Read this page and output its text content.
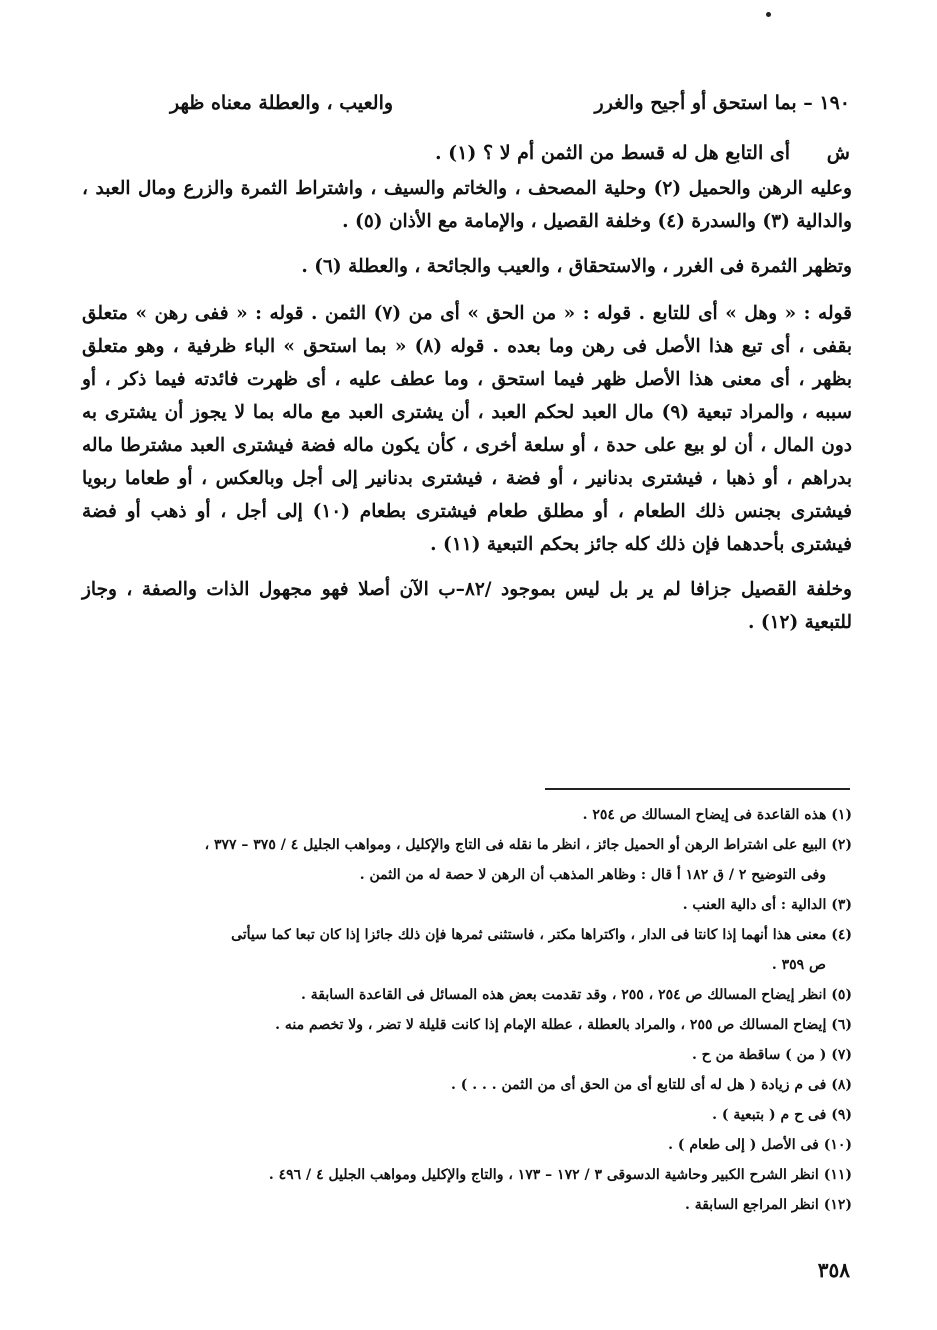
١٩٠ – بما استحق أو أجيح والغرر
والعيب ، والعطلة معناه ظهر
ش
أى التابع هل له قسط من الثمن أم لا ؟ (١) .

وعليه الرهن والحميل (٢) وحلية المصحف ، والخاتم والسيف ، واشتراط الثمرة والزرع ومال العبد ، والدالية (٣) والسدرة (٤) وخلفة القصيل ، والإمامة مع الأذان (٥) .

وتظهر الثمرة فى الغرر ، والاستحقاق ، والعيب والجائحة ، والعطلة (٦) .

قوله : « وهل » أى للتابع . قوله : « من الحق » أى من (٧) الثمن . قوله : « ففى رهن » متعلق بقفى ، أى تبع هذا الأصل فى رهن وما بعده . قوله (٨) « بما استحق » الباء ظرفية ، وهو متعلق بظهر ، أى معنى هذا الأصل ظهر فيما استحق ، وما عطف عليه ، أى ظهرت فائدته فيما ذكر ، أو سببه ، والمراد تبعية (٩) مال العبد لحكم العبد ، أن يشترى العبد مع ماله بما لا يجوز أن يشترى به دون المال ، أن لو بيع على حدة ، أو سلعة أخرى ، كأن يكون ماله فضة فيشترى العبد مشترطا ماله بدراهم ، أو ذهبا ، فيشترى بدنانير ، أو فضة ، فيشترى بدنانير إلى أجل وبالعكس ، أو طعاما ربويا فيشترى بجنس ذلك الطعام ، أو مطلق طعام فيشترى بطعام (١٠) إلى أجل ، أو ذهب أو فضة فيشترى بأحدهما فإن ذلك كله جائز بحكم التبعية (١١) .

وخلفة القصيل جزافا لم ير بل ليس بموجود /٨٢–ب الآن أصلا فهو مجهول الذات والصفة ، وجاز للتبعية (١٢) .

(١) هذه القاعدة فى إيضاح المسالك ص ٢٥٤ .

(٢) البيع على اشتراط الرهن أو الحميل جائز ، انظر ما نقله فى التاج والإكليل ، ومواهب الجليل ٤ / ٣٧٥ – ٣٧٧ ،
وفى التوضيح ٢ / ق ١٨٢ أ قال : وظاهر المذهب أن الرهن لا حصة له من الثمن .

(٣) الدالية : أى دالية العنب .

(٤) معنى هذا أنهما إذا كانتا فى الدار ، واكتراها مكتر ، فاستثنى ثمرها فإن ذلك جائزا إذا كان تبعا كما سيأتى
ص ٣٥٩ .

(٥) انظر إيضاح المسالك ص ٢٥٤ ، ٢٥٥ ، وقد تقدمت بعض هذه المسائل فى القاعدة السابقة .

(٦) إيضاح المسالك ص ٢٥٥ ، والمراد بالعطلة ، عطلة الإمام إذا كانت قليلة لا تضر ، ولا تخصم منه .

(٧) ( من ) ساقطة من ح .

(٨) فى م زيادة ( هل له أى للتابع أى من الحق أى من الثمن . . . ) .

(٩) فى ح م ( بتبعية ) .

(١٠) فى الأصل ( إلى طعام ) .

(١١) انظر الشرح الكبير وحاشية الدسوقى ٣ / ١٧٢ – ١٧٣ ، والتاج والإكليل ومواهب الجليل ٤ / ٤٩٦ .

(١٢) انظر المراجع السابقة .

٣٥٨
